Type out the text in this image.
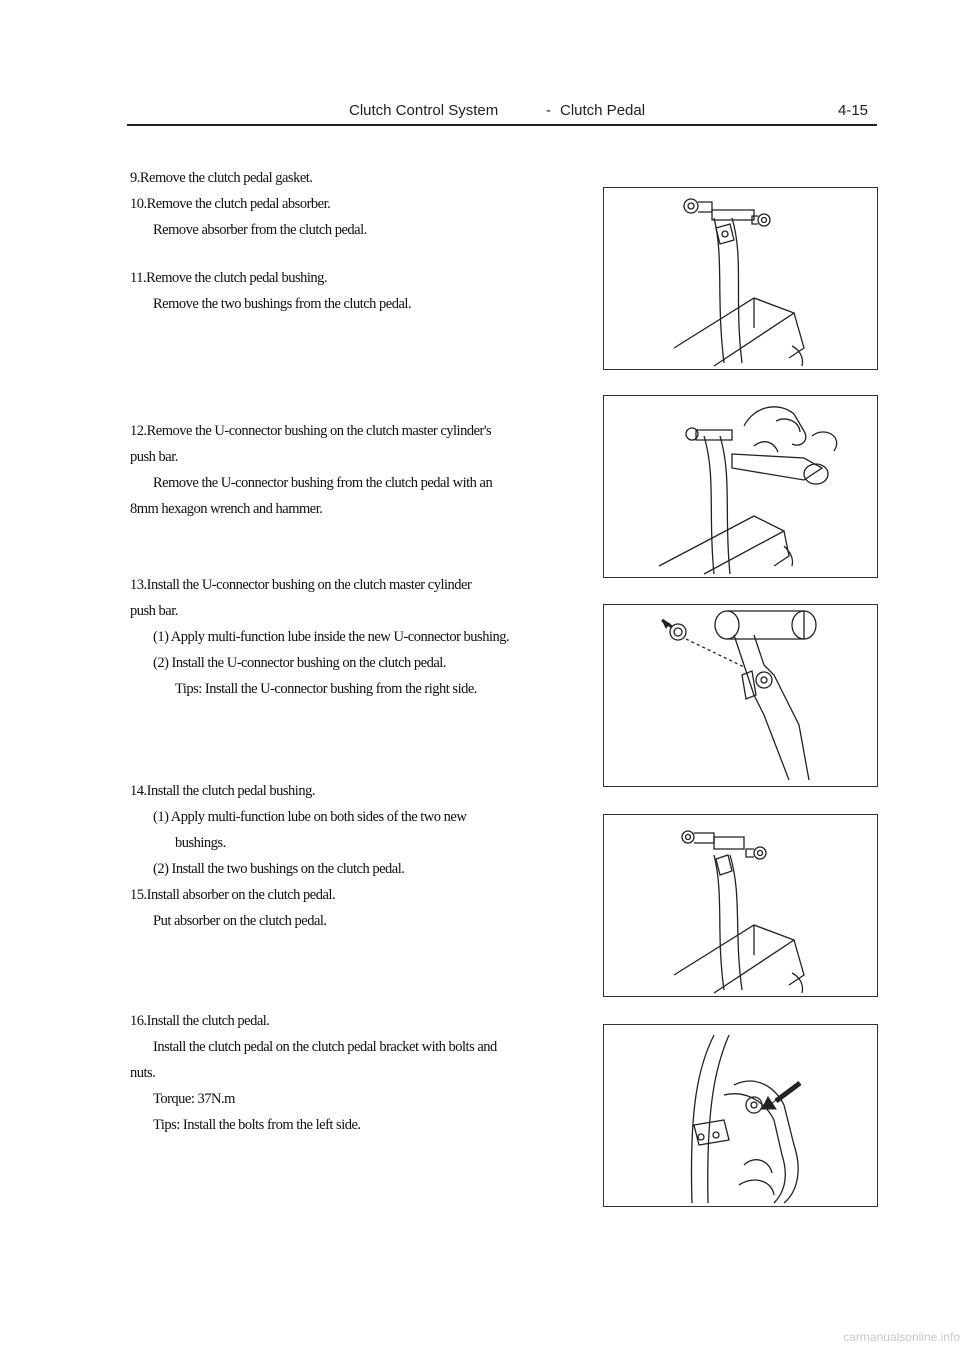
Clutch Control System	- Clutch Pedal	4-15
9.Remove the clutch pedal gasket.
10.Remove the clutch pedal absorber.
Remove absorber from the clutch pedal.
11.Remove the clutch pedal bushing.
Remove the two bushings from the clutch pedal.
12.Remove the U-connector bushing on the clutch master cylinder's
push bar.
Remove the U-connector bushing from the clutch pedal with an
8mm hexagon wrench and hammer.
13.Install the U-connector bushing on the clutch master cylinder
push bar.
(1) Apply multi-function lube inside the new U-connector bushing.
(2) Install the U-connector bushing on the clutch pedal.
Tips: Install the U-connector bushing from the right side.
14.Install the clutch pedal bushing.
(1) Apply multi-function lube on both sides of the two new
bushings.
(2) Install the two bushings on the clutch pedal.
15.Install absorber on the clutch pedal.
Put absorber on the clutch pedal.
16.Install the clutch pedal.
Install the clutch pedal on the clutch pedal bracket with bolts and
nuts.
Torque: 37N.m
Tips: Install the bolts from the left side.
carmanualsonline.info
